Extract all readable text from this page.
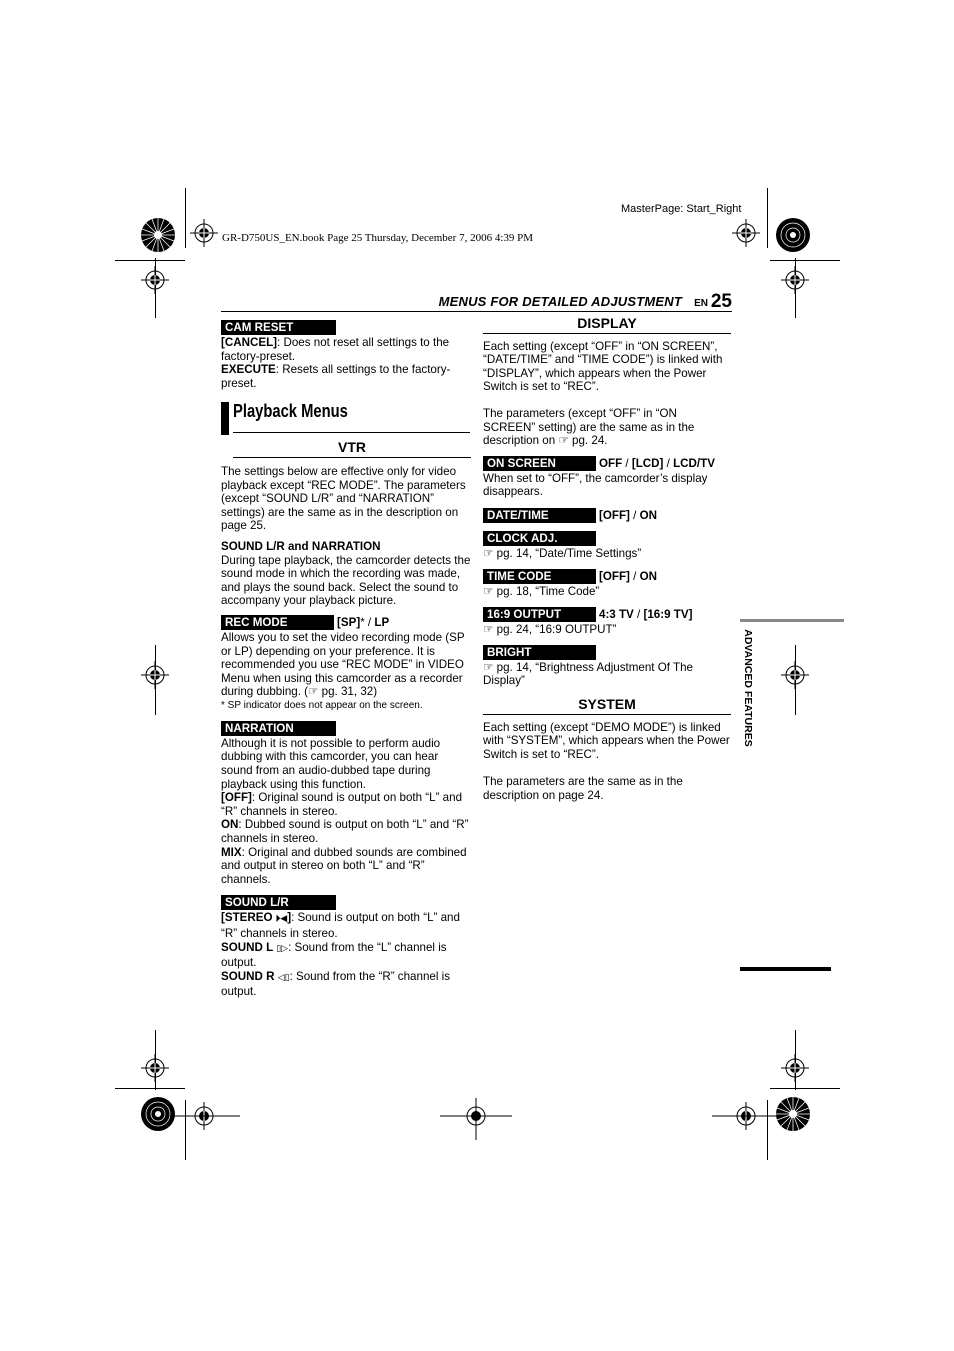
GR-D750US_EN.book Page 25 Thursday, December 7, 2006 4:39 PM
MasterPage: Start_Right
MENUS FOR DETAILED ADJUSTMENT EN 25
ADVANCED FEATURES
CAM RESET

[CANCEL]: Does not reset all settings to the factory-preset.

EXECUTE: Resets all settings to the factory-preset.

Playback Menus
VTR

The settings below are effective only for video playback except “REC MODE”. The parameters (except “SOUND L/R” and “NARRATION” settings) are the same as in the description on page 25.

SOUND L/R and NARRATION

During tape playback, the camcorder detects the sound mode in which the recording was made, and plays the sound back. Select the sound to accompany your playback picture.

REC MODE	[SP]* / LP

Allows you to set the video recording mode (SP or LP) depending on your preference. It is recommended you use “REC MODE” in VIDEO Menu when using this camcorder as a recorder during dubbing. (☞ pg. 31, 32)

* SP indicator does not appear on the screen.

NARRATION

Although it is not possible to perform audio dubbing with this camcorder, you can hear sound from an audio-dubbed tape during playback using this function.

[OFF]: Original sound is output on both “L” and “R” channels in stereo.

ON: Dubbed sound is output on both “L” and “R” channels in stereo.

MIX: Original and dubbed sounds are combined and output in stereo on both “L” and “R” channels.

SOUND L/R

[STEREO ⏵◀]: Sound is output on both “L” and “R” channels in stereo.

SOUND L ▯▷: Sound from the “L” channel is output.

SOUND R ◁▯: Sound from the “R” channel is output.

DISPLAY

Each setting (except “OFF” in “ON SCREEN”, “DATE/TIME” and “TIME CODE”) is linked with “DISPLAY”, which appears when the Power Switch is set to “REC”.

The parameters (except “OFF” in “ON SCREEN” setting) are the same as in the description on ☞ pg. 24.

ON SCREEN	OFF / [LCD] / LCD/TV

When set to “OFF”, the camcorder’s display disappears.

DATE/TIME	[OFF] / ON
CLOCK ADJ.

☞ pg. 14, “Date/Time Settings”

TIME CODE	[OFF] / ON

☞ pg. 18, “Time Code”

16:9 OUTPUT	4:3 TV / [16:9 TV]

☞ pg. 24, “16:9 OUTPUT”

BRIGHT

☞ pg. 14, “Brightness Adjustment Of The Display”

SYSTEM

Each setting (except “DEMO MODE”) is linked with “SYSTEM”, which appears when the Power Switch is set to “REC”.

The parameters are the same as in the description on page 24.
